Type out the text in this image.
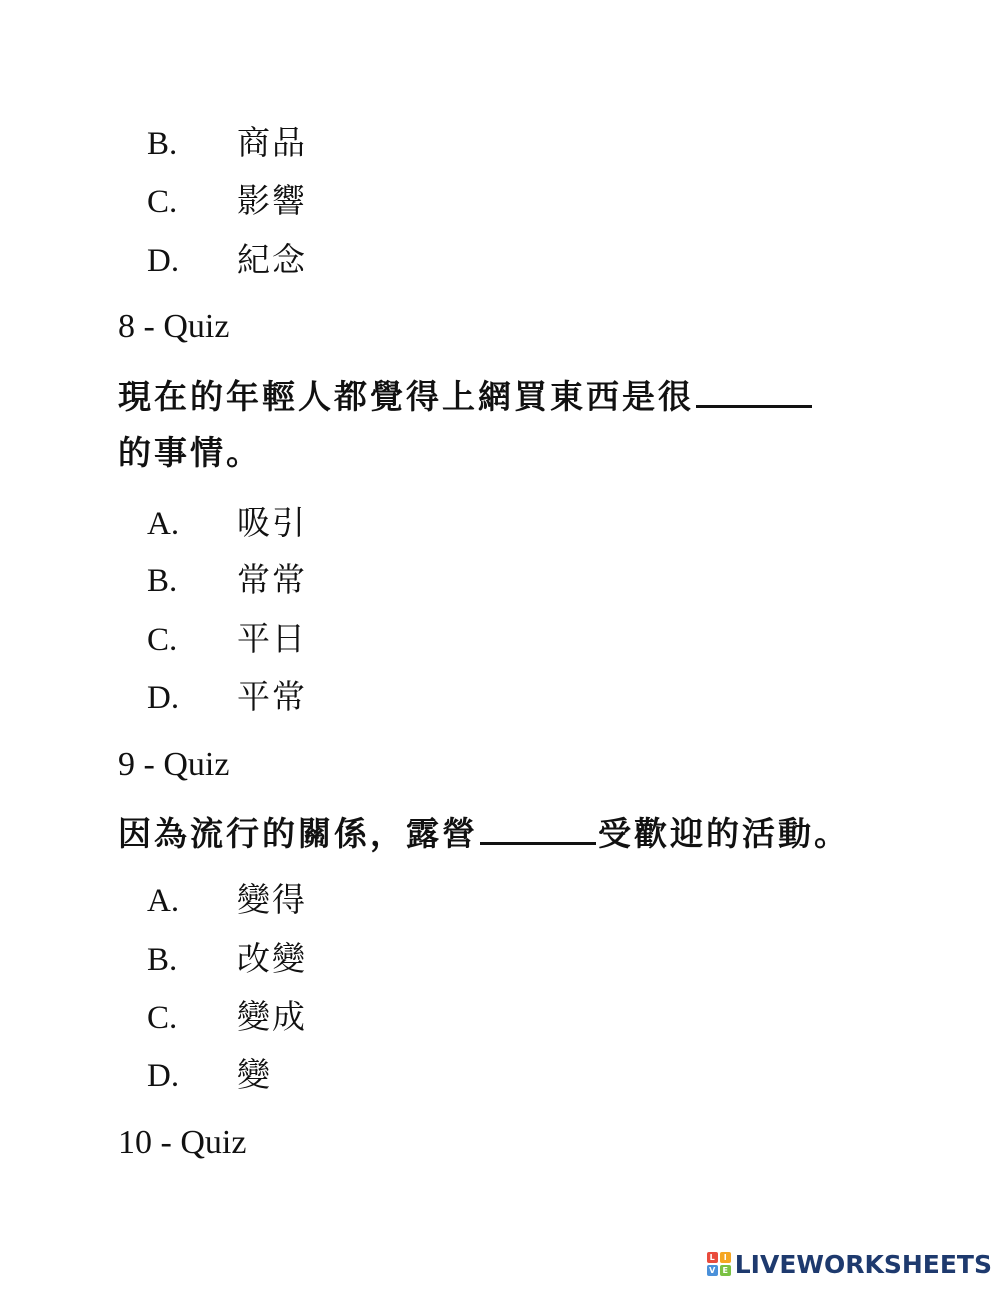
B. 商品
C. 影響
D. 紀念
8 - Quiz
現在的年輕人都覺得上網買東西是很
的事情。
A. 吸引
B. 常常
C. 平日
D. 平常
9 - Quiz
因為流行的關係，露營	受歡迎的活動。
A. 變得
B. 改變
C. 變成
D. 變
10 - Quiz
L	I
V E LIVEWORKSHEETS
